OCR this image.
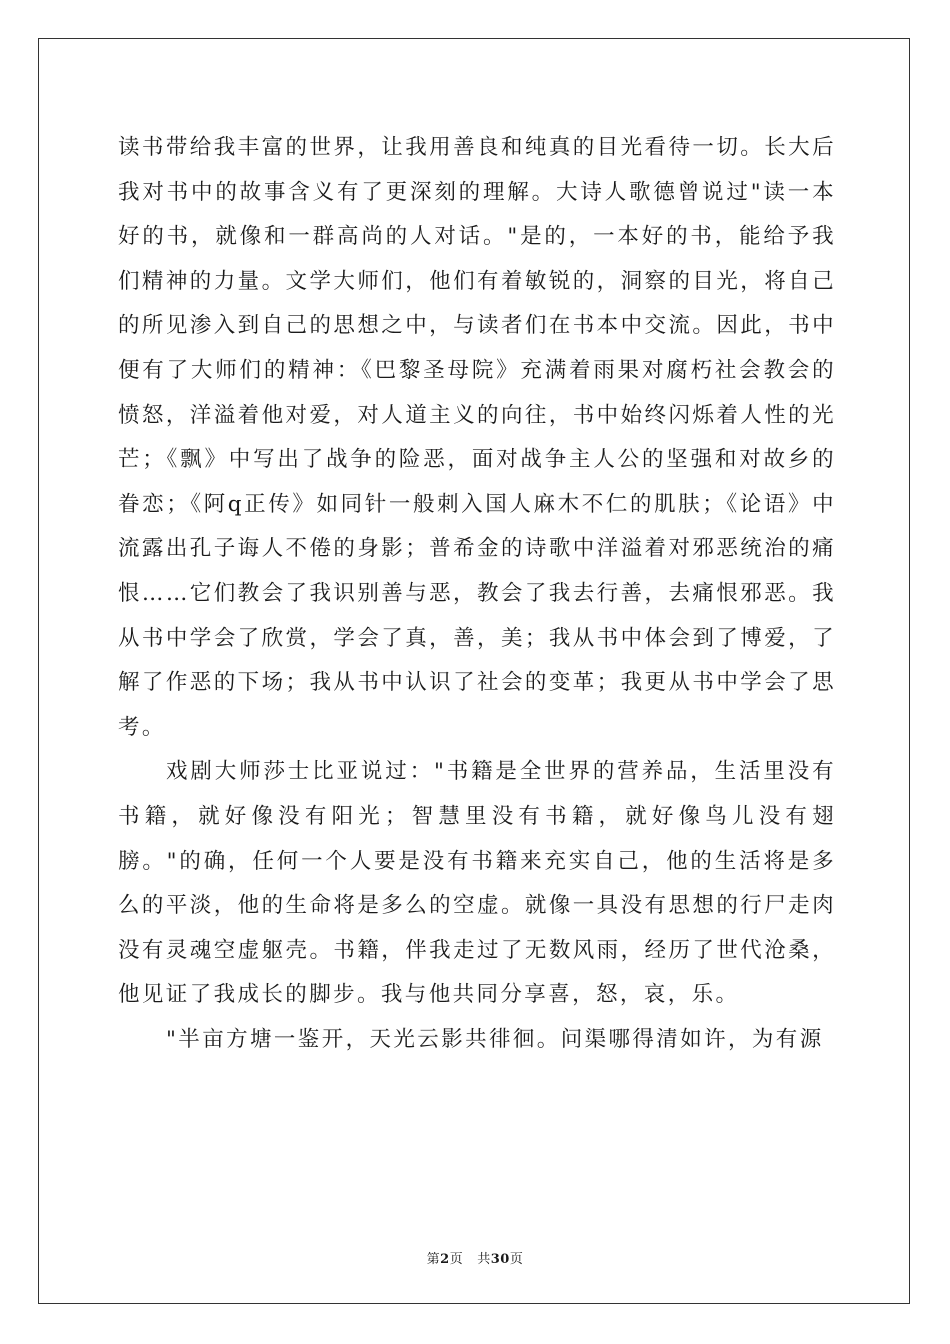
读书带给我丰富的世界，让我用善良和纯真的目光看待一切。长大后我对书中的故事含义有了更深刻的理解。大诗人歌德曾说过"读一本好的书，就像和一群高尚的人对话。"是的，一本好的书，能给予我们精神的力量。文学大师们，他们有着敏锐的，洞察的目光，将自己的所见渗入到自己的思想之中，与读者们在书本中交流。因此，书中便有了大师们的精神：《巴黎圣母院》充满着雨果对腐朽社会教会的愤怒，洋溢着他对爱，对人道主义的向往，书中始终闪烁着人性的光芒；《飘》中写出了战争的险恶，面对战争主人公的坚强和对故乡的眷恋；《阿q正传》如同针一般刺入国人麻木不仁的肌肤；《论语》中流露出孔子诲人不倦的身影；普希金的诗歌中洋溢着对邪恶统治的痛恨……它们教会了我识别善与恶，教会了我去行善，去痛恨邪恶。我从书中学会了欣赏，学会了真，善，美；我从书中体会到了博爱，了解了作恶的下场；我从书中认识了社会的变革；我更从书中学会了思考。

戏剧大师莎士比亚说过："书籍是全世界的营养品，生活里没有书籍，就好像没有阳光；智慧里没有书籍，就好像鸟儿没有翅膀。"的确，任何一个人要是没有书籍来充实自己，他的生活将是多么的平淡，他的生命将是多么的空虚。就像一具没有思想的行尸走肉没有灵魂空虚躯壳。书籍，伴我走过了无数风雨，经历了世代沧桑，他见证了我成长的脚步。我与他共同分享喜，怒，哀，乐。

"半亩方塘一鉴开，天光云影共徘徊。问渠哪得清如许，为有源

第2页 共30页
